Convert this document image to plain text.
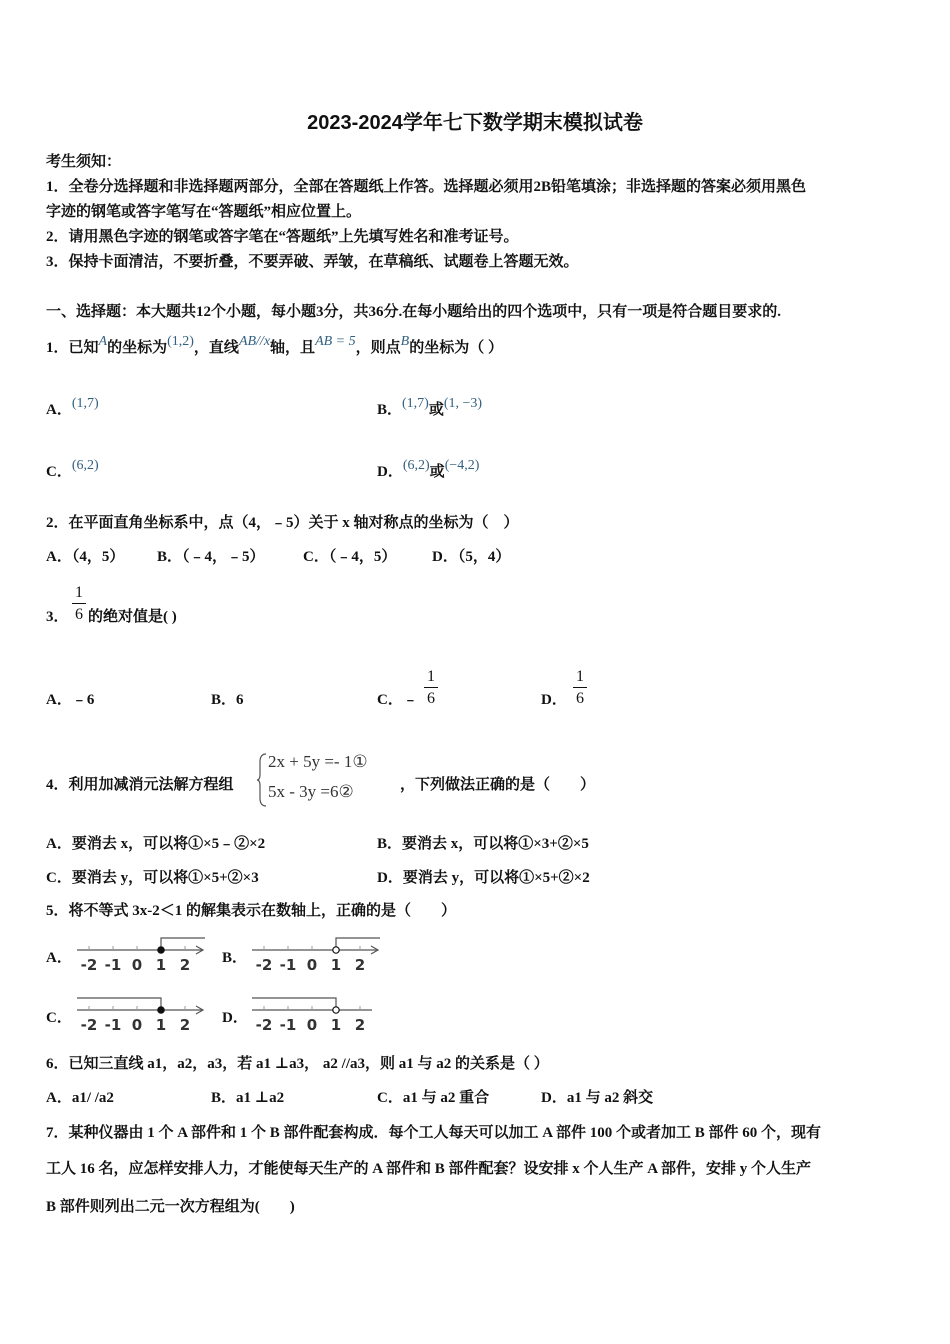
2023-2024学年七下数学期末模拟试卷
考生须知：
1．全卷分选择题和非选择题两部分，全部在答题纸上作答。选择题必须用2B铅笔填涂；非选择题的答案必须用黑色
字迹的钢笔或答字笔写在“答题纸”相应位置上。
2．请用黑色字迹的钢笔或答字笔在“答题纸”上先填写姓名和准考证号。
3．保持卡面清洁，不要折叠，不要弄破、弄皱，在草稿纸、试题卷上答题无效。
一、选择题：本大题共12个小题，每小题3分，共36分.在每小题给出的四个选项中，只有一项是符合题目要求的.
1．已知A的坐标为(1,2)，直线AB//x轴，且AB = 5，则点B的坐标为（ ）
A．(1,7)	B．(1,7)或(1, −3)
C．(6,2)	D．(6,2)或(−4,2)
2．在平面直角坐标系中，点（4，﹣5）关于 x 轴对称点的坐标为（　）
A．（4，5） B．（﹣4，﹣5）	C．（﹣4，5） D．（5，4）
3． $\frac{1}{6}$ 的绝对值是( )
A．﹣6	B．6	C．﹣ $\frac{1}{6}$	D． $\frac{1}{6}$
4．利用加减消元法解方程组
2x + 5y =- 1①
5x - 3y =6②	，下列做法正确的是（　　）
A．要消去 x，可以将①×5﹣②×2	B．要消去 x，可以将①×3+②×5
C．要消去 y，可以将①×5+②×3	D．要消去 y，可以将①×5+②×2
5．将不等式 3x-2＜1 的解集表示在数轴上，正确的是（　　）
A．	B．
C．	D．
-2 -1 0 1 2	-2 -1 0 1 2
-2 -1 0 1 2	-2 -1 0 1 2
6．已知三直线 a1，a2，a3，若 a1 ⊥a3， a2 //a3，则 a1 与 a2 的关系是（ ）
A．a1/ /a2	B．a1 ⊥a2	C．a1 与 a2 重合	D．a1 与 a2 斜交
7．某种仪器由 1 个 A 部件和 1 个 B 部件配套构成．每个工人每天可以加工 A 部件 100 个或者加工 B 部件 60 个，现有
工人 16 名，应怎样安排人力，才能使每天生产的 A 部件和 B 部件配套？设安排 x 个人生产 A 部件，安排 y 个人生产
B 部件则列出二元一次方程组为(　　)
